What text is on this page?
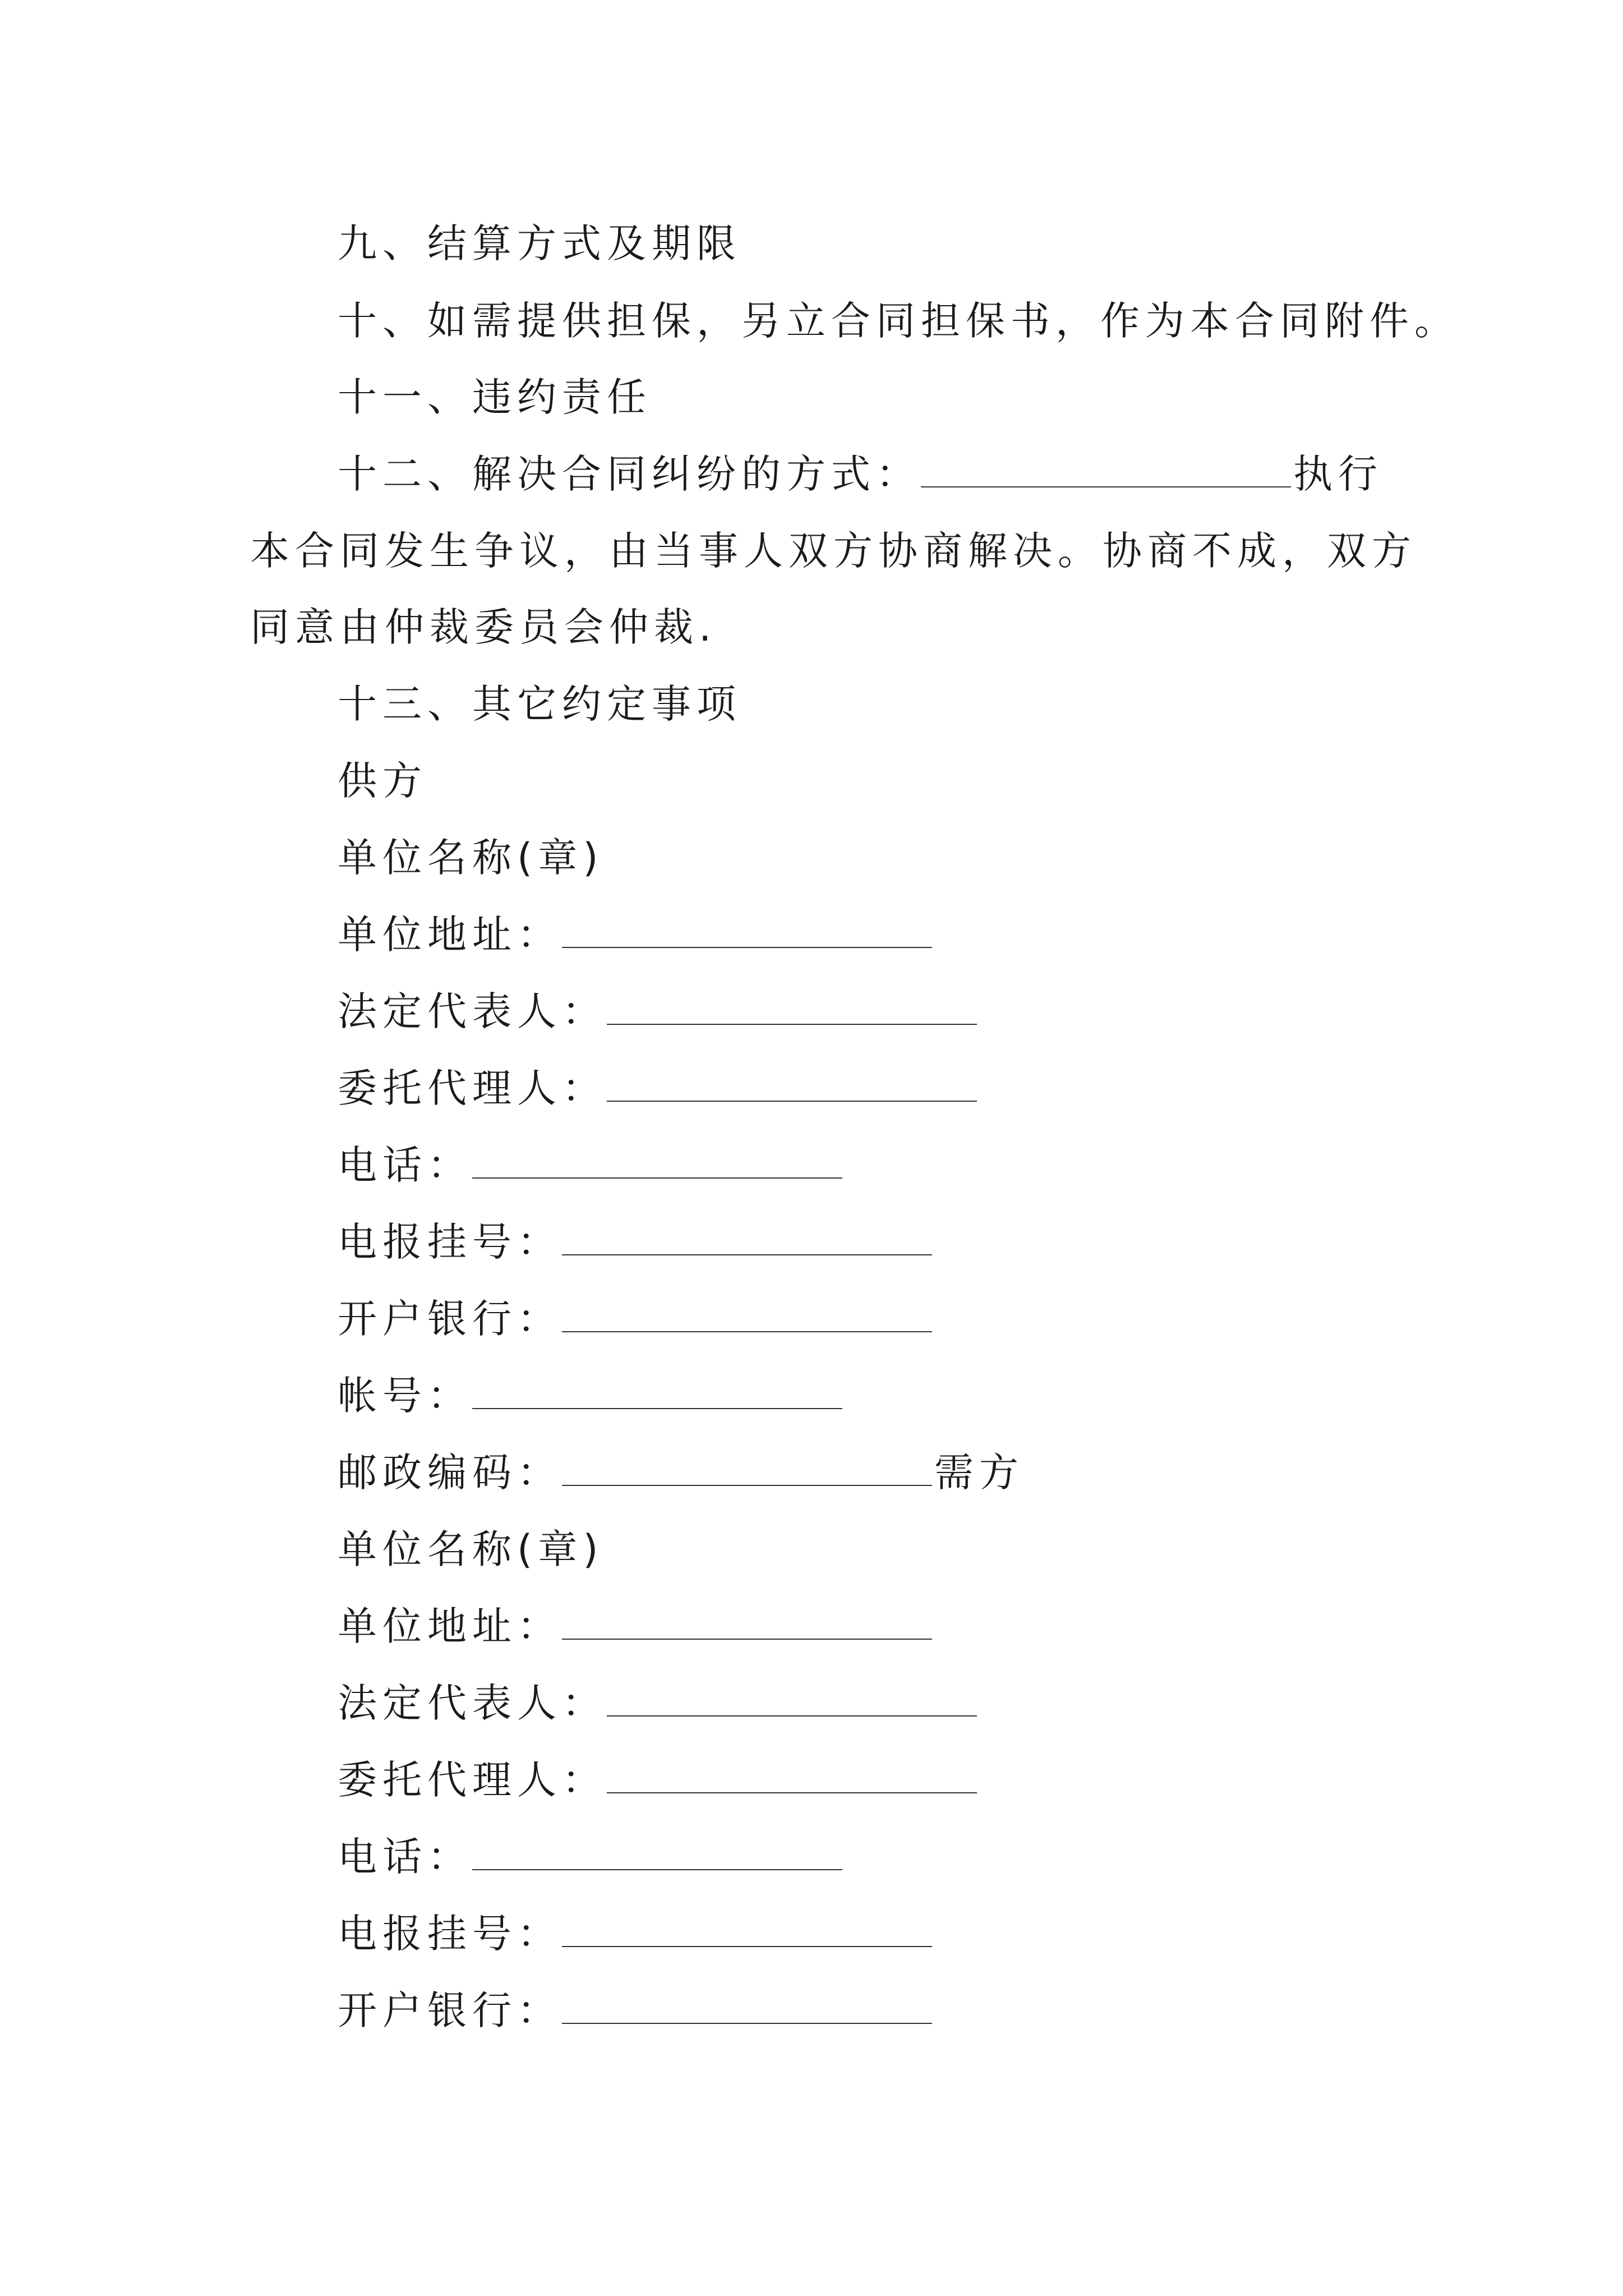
九、结算方式及期限
十、如需提供担保，另立合同担保书，作为本合同附件。
十一、违约责任
十二、解决合同纠纷的方式：	执行
本合同发生争议，由当事人双方协商解决。协商不成，双方
同意由仲裁委员会仲裁.
十三、其它约定事项
供方
单位名称(章)
单位地址：
法定代表人：
委托代理人：
电话：
电报挂号：
开户银行：
帐号：
邮政编码：	需方
单位名称(章)
单位地址：
法定代表人：
委托代理人：
电话：
电报挂号：
开户银行：
